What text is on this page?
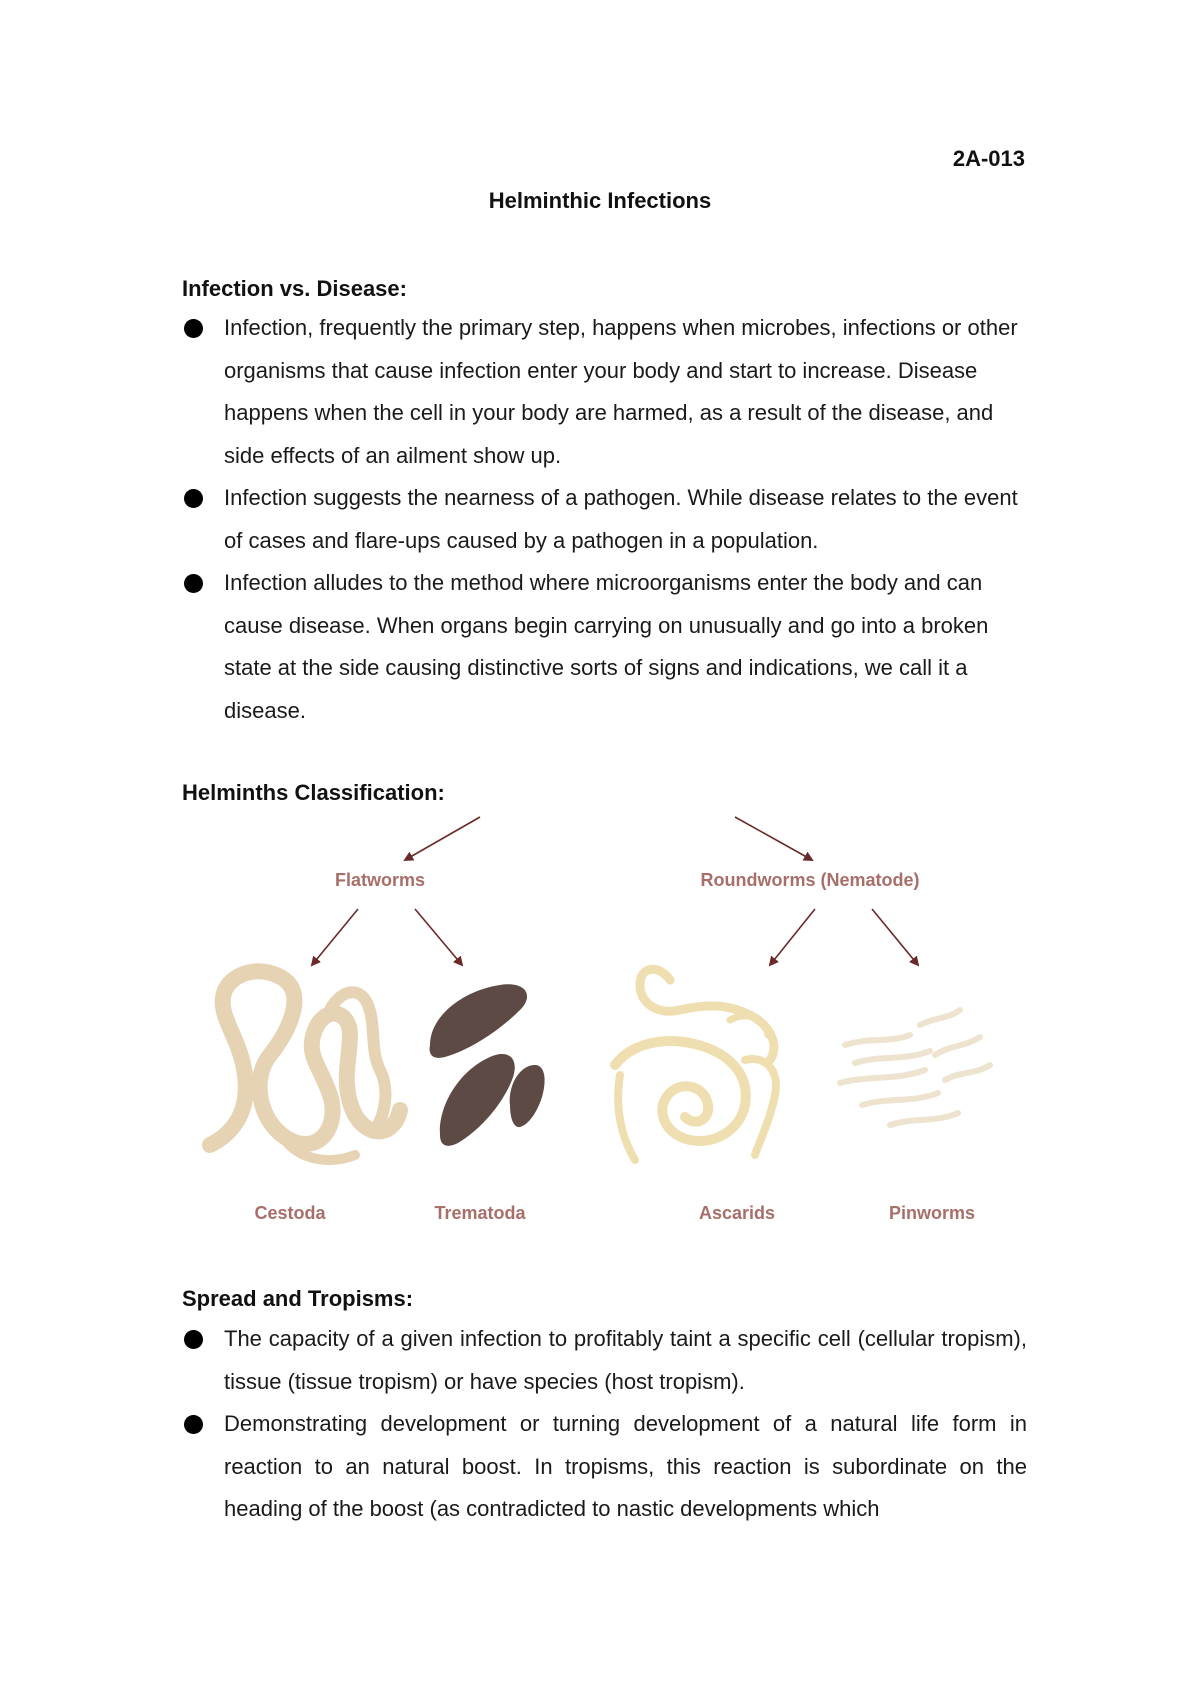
2A-013
Helminthic Infections
Infection vs. Disease:
Infection, frequently the primary step, happens when microbes, infections or other organisms that cause infection enter your body and start to increase. Disease happens when the cell in your body are harmed, as a result of the disease, and side effects of an ailment show up.
Infection suggests the nearness of a pathogen. While disease relates to the event of cases and flare-ups caused by a pathogen in a population.
Infection alludes to the method where microorganisms enter the body and can cause disease. When organs begin carrying on unusually and go into a broken state at the side causing distinctive sorts of signs and indications, we call it a disease.
Helminths Classification:
Flatworms	Roundworms (Nematode)
Cestoda	Trematoda	Ascarids	Pinworms
Spread and Tropisms:
The capacity of a given infection to profitably taint a specific cell (cellular tropism), tissue (tissue tropism) or have species (host tropism).
Demonstrating development or turning development of a natural life form in reaction to an natural boost. In tropisms, this reaction is subordinate on the heading of the boost (as contradicted to nastic developments which
